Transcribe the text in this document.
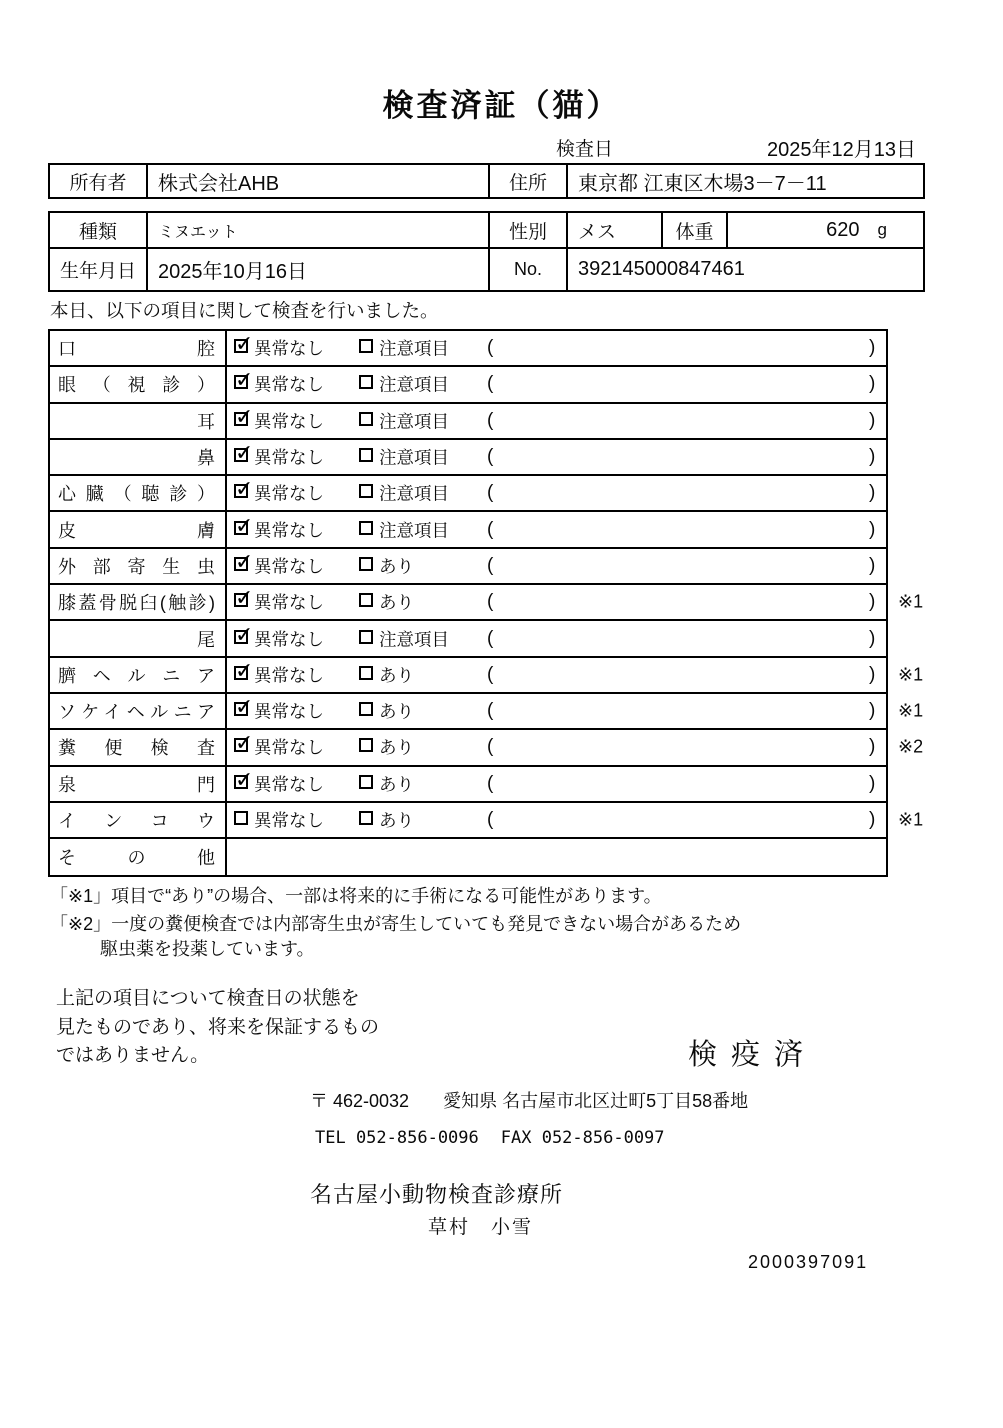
検査済証（猫）
検査日	2025年12月13日
所有者	株式会社AHB	住所	東京都 江東区木場3－7－11
種類	ミヌエット	性別	メス	体重	620 g
生年月日	2025年10月16日	No.	392145000847461
本日、以下の項目に関して検査を行いました。
口腔 ✓ 異常なし	注意項目 (	)
眼（視診） ✓ 異常なし	注意項目 (	)
耳 ✓ 異常なし	注意項目 (	)
鼻 ✓ 異常なし	注意項目 (	)
心臓（聴診） ✓ 異常なし	注意項目 (	)
皮膚 ✓ 異常なし	注意項目 (	)
外部寄生虫 ✓ 異常なし	あり	(	)
膝蓋骨脱臼(触診) ✓ 異常なし	あり	(	) ※1
尾 ✓ 異常なし	注意項目 (	)
臍ヘルニア ✓ 異常なし	あり	(	) ※1
ソケイヘルニア ✓ 異常なし	あり	(	) ※1
糞便検査 ✓ 異常なし	あり	(	) ※2
泉門 ✓ 異常なし	あり	(	)
インコウ 異常なし	あり	(	) ※1
その他
「※1」項目で“あり”の場合、一部は将来的に手術になる可能性があります。
「※2」一度の糞便検査では内部寄生虫が寄生していても発見できない場合があるため
駆虫薬を投薬しています。
上記の項目について検査日の状態を
見たものであり、将来を保証するもの
ではありません。	検疫済
〒 462-0032 愛知県 名古屋市北区辻町5丁目58番地
TEL 052-856-0096 FAX 052-856-0097
名古屋小動物検査診療所
草村　小雪
2000397091
